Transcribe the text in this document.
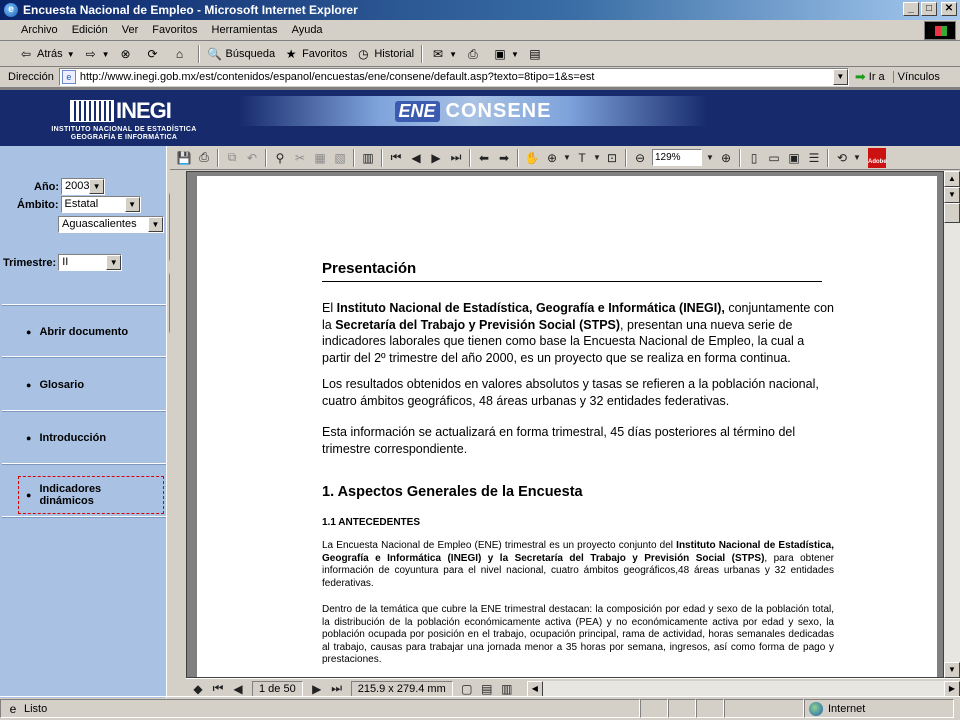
e Encuesta Nacional de Empleo - Microsoft Internet Explorer	_	□	✕
Archivo	Edición	Ver	Favoritos	Herramientas	Ayuda
⇦ Atrás ▼ ⇨ ▼ ⊗ ⟳	⌂	🔍 Búsqueda ★ Favoritos ◷ Historial ✉ ▼ ⎙ ▣ ▼ ▤
Dirección	e http://www.inegi.gob.mx/est/contenidos/espanol/encuestas/ene/consene/default.asp?texto=8tipo=1&s=est	▼ ➡ Ir a	Vínculos
INEGI
INSTITUTO NACIONAL DE ESTADÍSTICA
GEOGRAFÍA E INFORMÁTICA
ENE CONSENE
Año: 2003 ▼
Ámbito: Estatal	▼
Aguascalientes	▼
Trimestre: II	▼
● Abrir documento
● Glosario
● Introducción
● Indicadores dinámicos
💾 ⎙	⧉ ↶	⚲ ✂ ▦ ▧	▥	⏮ ◀ ▶ ⏭	⬅ ➡	✋ ⊕ ▼ T ▼ ⊡	⊖ 129%	▼ ⊕	▯ ▭ ▣ ☰	⟲ ▼ Adobe
Presentación
El Instituto Nacional de Estadística, Geografía e Informática (INEGI), conjuntamente con la Secretaría del Trabajo y Previsión Social (STPS), presentan una nueva serie de indicadores laborales que tienen como base la Encuesta Nacional de Empleo, la cual a partir del 2º trimestre del año 2000, es un proyecto que se realiza en forma continua.
Los resultados obtenidos en valores absolutos y tasas se refieren a la población nacional, cuatro ámbitos geográficos, 48 áreas urbanas y 32 entidades federativas.
Esta información se actualizará en forma trimestral, 45 días posteriores al término del trimestre correspondiente.
1. Aspectos Generales de la Encuesta
1.1 ANTECEDENTES
La Encuesta Nacional de Empleo (ENE) trimestral es un proyecto conjunto del Instituto Nacional de Estadística, Geografía e Informática (INEGI) y la Secretaría del Trabajo y Previsión Social (STPS), para obtener información de coyuntura para el nivel nacional, cuatro ámbitos geográficos,48 áreas urbanas y 32 entidades federativas.
Dentro de la temática que cubre la ENE trimestral destacan: la composición por edad y sexo de la población total, la distribución de la población económicamente activa (PEA) y no económicamente activa por edad y sexo, la población ocupada por posición en el trabajo, ocupación principal, rama de actividad, horas semanales dedicadas al trabajo, causas para trabajar una jornada menor a 35 horas por semana, ingresos, así como forma de pago y prestaciones.
▲
▼
▼
◆ ⏮ ◀	1 de 50	▶ ⏭	215.9 x 279.4 mm	▢ ▤ ▥	◀	▶
e Listo	Internet
